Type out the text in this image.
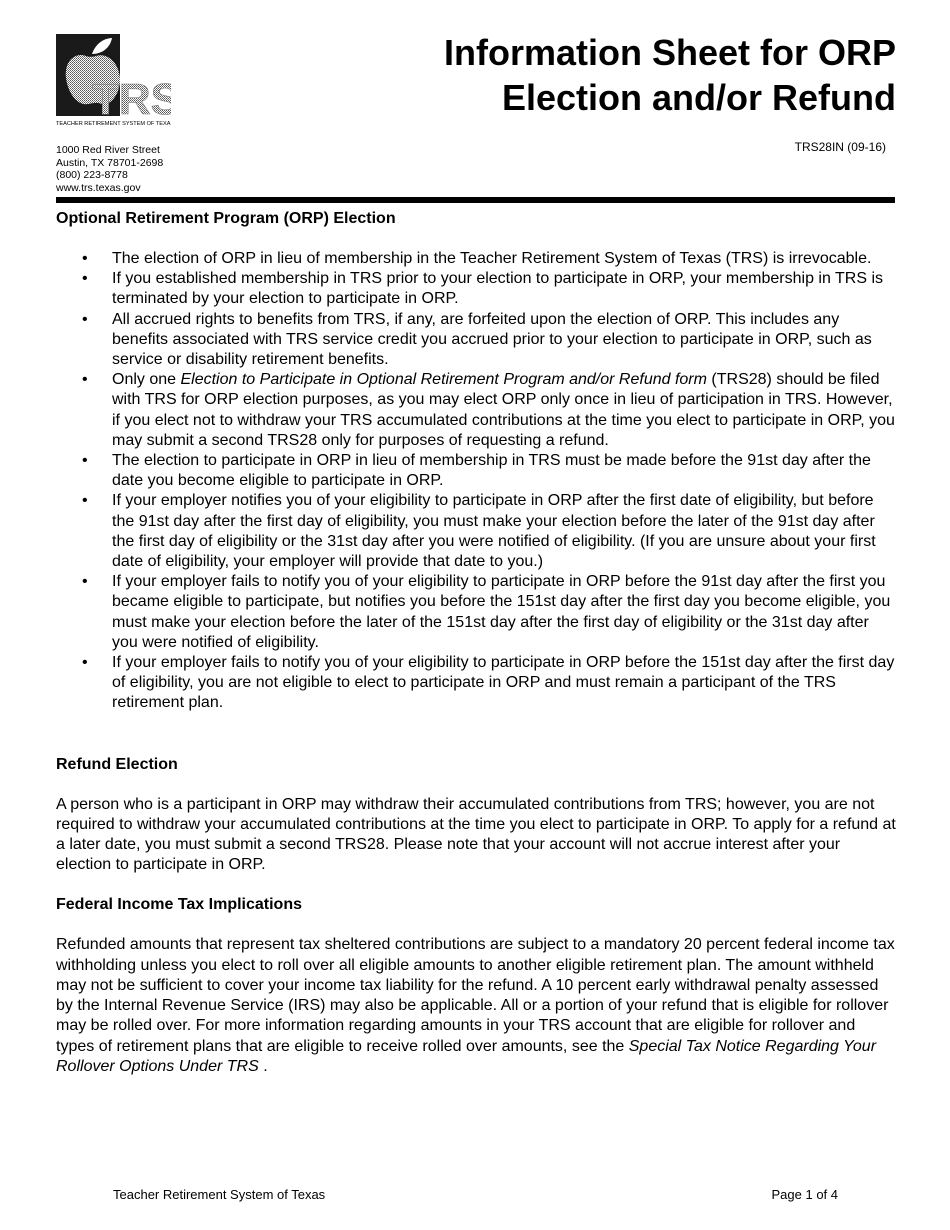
TRS
TEACHER RETIREMENT SYSTEM OF TEXAS
1000 Red River Street
Austin, TX 78701-2698
(800) 223-8778
www.trs.texas.gov
Information Sheet for ORP
Election and/or Refund
TRS28IN (09-16)
Optional Retirement Program (ORP) Election
• The election of ORP in lieu of membership in the Teacher Retirement System of Texas (TRS) is irrevocable.
• If you established membership in TRS prior to your election to participate in ORP, your membership in TRS is terminated by your election to participate in ORP.
• All accrued rights to benefits from TRS, if any, are forfeited upon the election of ORP. This includes any benefits associated with TRS service credit you accrued prior to your election to participate in ORP, such as service or disability retirement benefits.
• Only one Election to Participate in Optional Retirement Program and/or Refund form (TRS28) should be filed with TRS for ORP election purposes, as you may elect ORP only once in lieu of participation in TRS. However, if you elect not to withdraw your TRS accumulated contributions at the time you elect to participate in ORP, you may submit a second TRS28 only for purposes of requesting a refund.
• The election to participate in ORP in lieu of membership in TRS must be made before the 91st day after the date you become eligible to participate in ORP.
• If your employer notifies you of your eligibility to participate in ORP after the first date of eligibility, but before the 91st day after the first day of eligibility, you must make your election before the later of the 91st day after the first day of eligibility or the 31st day after you were notified of eligibility. (If you are unsure about your first date of eligibility, your employer will provide that date to you.)
• If your employer fails to notify you of your eligibility to participate in ORP before the 91st day after the first you became eligible to participate, but notifies you before the 151st day after the first day you become eligible, you must make your election before the later of the 151st day after the first day of eligibility or the 31st day after you were notified of eligibility.
• If your employer fails to notify you of your eligibility to participate in ORP before the 151st day after the first day of eligibility, you are not eligible to elect to participate in ORP and must remain a participant of the TRS retirement plan.
Refund Election

A person who is a participant in ORP may withdraw their accumulated contributions from TRS; however, you are not required to withdraw your accumulated contributions at the time you elect to participate in ORP. To apply for a refund at a later date, you must submit a second TRS28. Please note that your account will not accrue interest after your election to participate in ORP.

Federal Income Tax Implications

Refunded amounts that represent tax sheltered contributions are subject to a mandatory 20 percent federal income tax withholding unless you elect to roll over all eligible amounts to another eligible retirement plan. The amount withheld may not be sufficient to cover your income tax liability for the refund. A 10 percent early withdrawal penalty assessed by the Internal Revenue Service (IRS) may also be applicable. All or a portion of your refund that is eligible for rollover may be rolled over. For more information regarding amounts in your TRS account that are eligible for rollover and types of retirement plans that are eligible to receive rolled over amounts, see the Special Tax Notice Regarding Your Rollover Options Under TRS .

Teacher Retirement System of Texas	Page 1 of 4
